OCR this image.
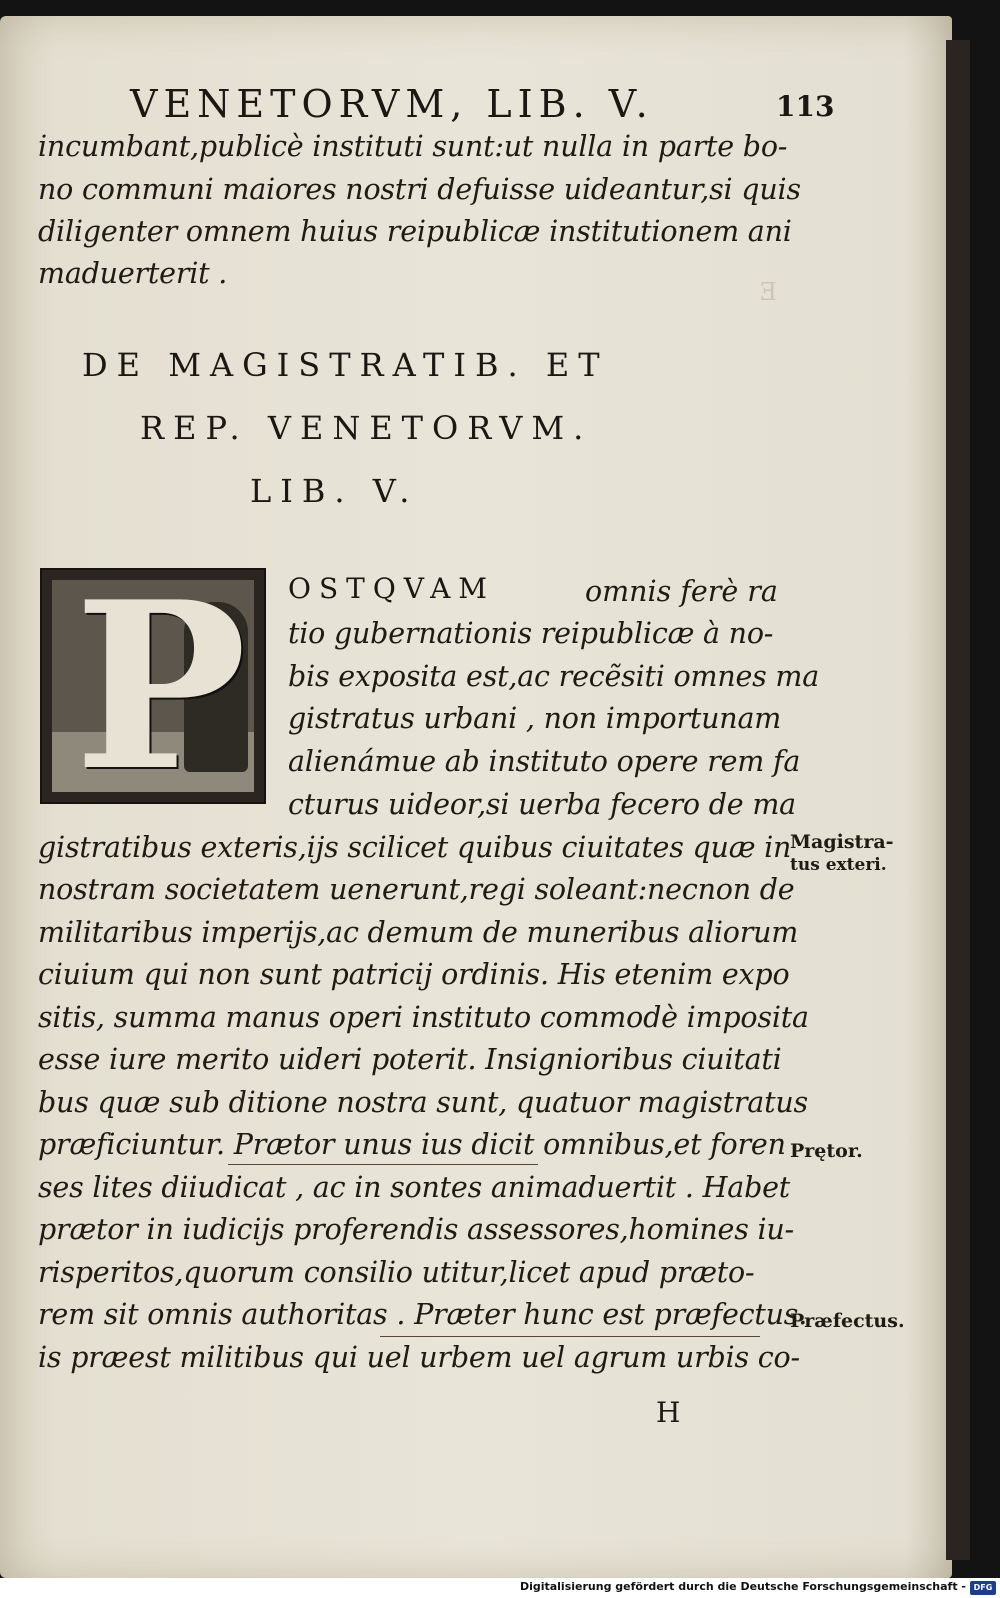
Ǝ
VENETORVM, LIB. V.	113
incumbant,publicè instituti sunt:ut nulla in parte bo-
no communi maiores nostri defuisse uideantur,si quis
diligenter omnem huius reipublicæ institutionem ani
maduerterit .
DE MAGISTRATIB. ET
REP. VENETORVM.
LIB. V.
P OSTQVAM	omnis ferè ra
tio gubernationis reipublicæ à no-
bis exposita est,ac recẽsiti omnes ma
gistratus urbani , non importunam
alienámue ab instituto opere rem fa
cturus uideor,si uerba fecero de ma
gistratibus exteris,ijs scilicet quibus ciuitates quæ in
nostram societatem uenerunt,regi soleant:necnon de
militaribus imperijs,ac demum de muneribus aliorum
ciuium qui non sunt patricij ordinis. His etenim expo
sitis, summa manus operi instituto commodè imposita
esse iure merito uideri poterit. Insignioribus ciuitati
bus quæ sub ditione nostra sunt, quatuor magistratus
præficiuntur. Prætor unus ius dicit omnibus,et foren
ses lites diiudicat , ac in sontes animaduertit . Habet
prætor in iudicijs proferendis assessores,homines iu-
risperitos,quorum consilio utitur,licet apud præto-
rem sit omnis authoritas . Præter hunc est præfectus.
is præest militibus qui uel urbem uel agrum urbis co-
Magistra-
tus exteri.
Prętor.
Præfectus.
H
Digitalisierung gefördert durch die Deutsche Forschungsgemeinschaft - DFG
